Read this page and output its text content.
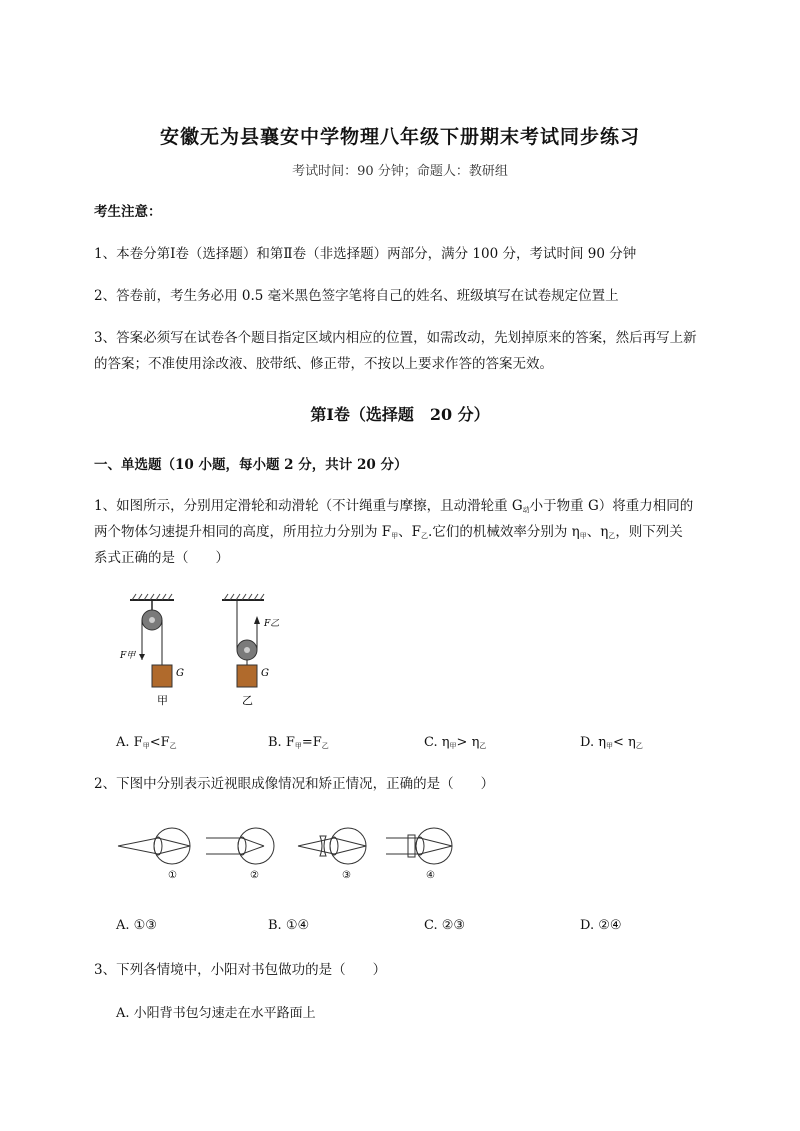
安徽无为县襄安中学物理八年级下册期末考试同步练习
考试时间：90 分钟；命题人：教研组
考生注意：
1、本卷分第Ⅰ卷（选择题）和第Ⅱ卷（非选择题）两部分，满分 100 分，考试时间 90 分钟
2、答卷前，考生务必用 0.5 毫米黑色签字笔将自己的姓名、班级填写在试卷规定位置上
3、答案必须写在试卷各个题目指定区域内相应的位置，如需改动，先划掉原来的答案，然后再写上新
的答案；不准使用涂改液、胶带纸、修正带，不按以上要求作答的答案无效。
第Ⅰ卷（选择题　20 分）
一、单选题（10 小题，每小题 2 分，共计 20 分）
1、如图所示，分别用定滑轮和动滑轮（不计绳重与摩擦，且动滑轮重 $G_动$小于物重 G）将重力相同的
两个物体匀速提升相同的高度，所用拉力分别为 $F_甲$、$F_乙$.它们的机械效率分别为 $\eta_甲$、$\eta_乙$，则下列关
系式正确的是（　　）
F甲
G
甲
F乙
G
乙
A. $F_甲<F_乙$	B. $F_甲=F_乙$	C. $\eta_甲> \eta_乙$	D. $\eta_甲< \eta_乙$
2、下图中分别表示近视眼成像情况和矫正情况，正确的是（　　）
①	②	③	④
A. ①③	B. ①④	C. ②③	D. ②④
3、下列各情境中，小阳对书包做功的是（　　）
A. 小阳背书包匀速走在水平路面上
